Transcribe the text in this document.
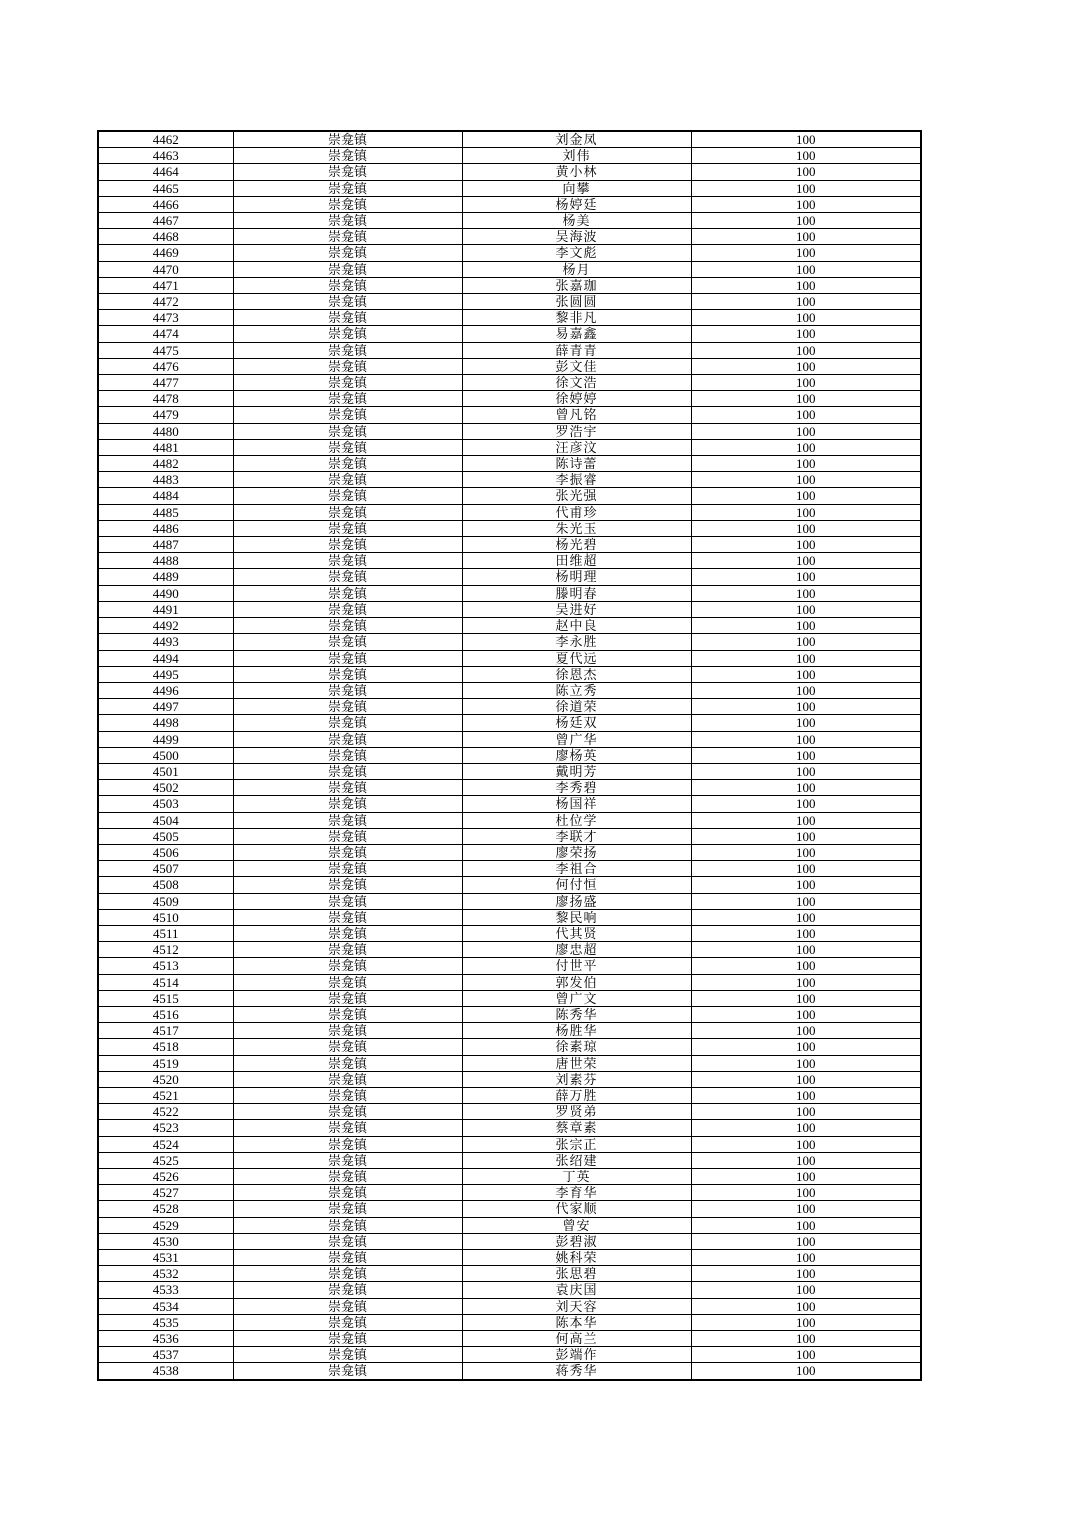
4462	崇龛镇	刘金凤	100
4463	崇龛镇	刘伟	100
4464	崇龛镇	黄小林	100
4465	崇龛镇	向攀	100
4466	崇龛镇	杨婷廷	100
4467	崇龛镇	杨美	100
4468	崇龛镇	吴海波	100
4469	崇龛镇	李文彪	100
4470	崇龛镇	杨月	100
4471	崇龛镇	张嘉珈	100
4472	崇龛镇	张圆圆	100
4473	崇龛镇	黎非凡	100
4474	崇龛镇	易嘉鑫	100
4475	崇龛镇	薛青青	100
4476	崇龛镇	彭文佳	100
4477	崇龛镇	徐文浩	100
4478	崇龛镇	徐婷婷	100
4479	崇龛镇	曾凡铭	100
4480	崇龛镇	罗浩宇	100
4481	崇龛镇	汪彦汶	100
4482	崇龛镇	陈诗蕾	100
4483	崇龛镇	李振睿	100
4484	崇龛镇	张光强	100
4485	崇龛镇	代甫珍	100
4486	崇龛镇	朱光玉	100
4487	崇龛镇	杨光碧	100
4488	崇龛镇	田维超	100
4489	崇龛镇	杨明理	100
4490	崇龛镇	滕明春	100
4491	崇龛镇	吴进好	100
4492	崇龛镇	赵中良	100
4493	崇龛镇	李永胜	100
4494	崇龛镇	夏代远	100
4495	崇龛镇	徐恩杰	100
4496	崇龛镇	陈立秀	100
4497	崇龛镇	徐道荣	100
4498	崇龛镇	杨廷双	100
4499	崇龛镇	曾广华	100
4500	崇龛镇	廖杨英	100
4501	崇龛镇	戴明芳	100
4502	崇龛镇	李秀碧	100
4503	崇龛镇	杨国祥	100
4504	崇龛镇	杜位学	100
4505	崇龛镇	李联才	100
4506	崇龛镇	廖荣扬	100
4507	崇龛镇	李祖合	100
4508	崇龛镇	何付恒	100
4509	崇龛镇	廖扬盛	100
4510	崇龛镇	黎民响	100
4511	崇龛镇	代其贤	100
4512	崇龛镇	廖忠超	100
4513	崇龛镇	付世平	100
4514	崇龛镇	郭发伯	100
4515	崇龛镇	曾广文	100
4516	崇龛镇	陈秀华	100
4517	崇龛镇	杨胜华	100
4518	崇龛镇	徐素琼	100
4519	崇龛镇	唐世荣	100
4520	崇龛镇	刘素芬	100
4521	崇龛镇	薛万胜	100
4522	崇龛镇	罗贤弟	100
4523	崇龛镇	蔡章素	100
4524	崇龛镇	张宗正	100
4525	崇龛镇	张绍建	100
4526	崇龛镇	丁英	100
4527	崇龛镇	李育华	100
4528	崇龛镇	代家顺	100
4529	崇龛镇	曾安	100
4530	崇龛镇	彭碧淑	100
4531	崇龛镇	姚科荣	100
4532	崇龛镇	张思碧	100
4533	崇龛镇	袁庆国	100
4534	崇龛镇	刘天容	100
4535	崇龛镇	陈本华	100
4536	崇龛镇	何高兰	100
4537	崇龛镇	彭端作	100
4538	崇龛镇	蒋秀华	100
